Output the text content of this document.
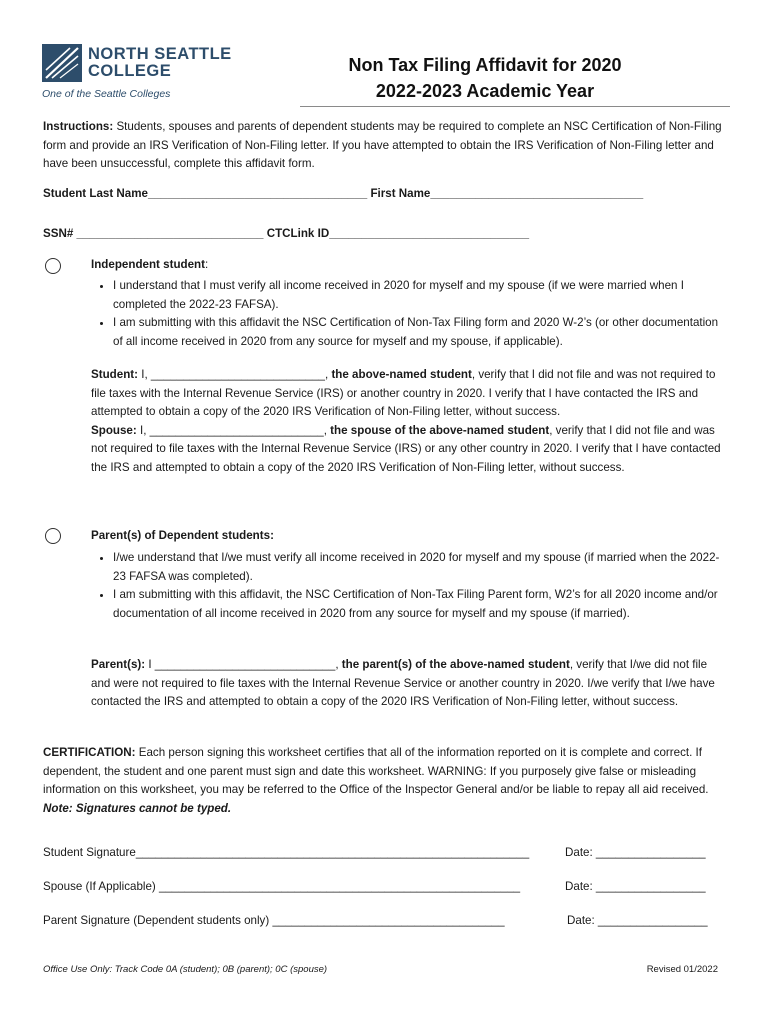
NORTH SEATTLE
COLLEGE
One of the Seattle Colleges
Non Tax Filing Affidavit for 2020
2022-2023 Academic Year
Instructions: Students, spouses and parents of dependent students may be required to complete an NSC Certification of Non-Filing form and provide an IRS Verification of Non-Filing letter. If you have attempted to obtain the IRS Verification of Non-Filing letter and have been unsuccessful, complete this affidavit form.
Student Last Name__________________________________ First Name_________________________________
SSN# _____________________________ CTCLink ID_______________________________
Independent student:
• I understand that I must verify all income received in 2020 for myself and my spouse (if we were married when I completed the 2022-23 FAFSA).
• I am submitting with this affidavit the NSC Certification of Non-Tax Filing form and 2020 W-2’s (or other documentation of all income received in 2020 from any source for myself and my spouse, if applicable).
Student: I, ___________________________, the above-named student, verify that I did not file and was not required to file taxes with the Internal Revenue Service (IRS) or another country in 2020. I verify that I have contacted the IRS and attempted to obtain a copy of the 2020 IRS Verification of Non-Filing letter, without success.
Spouse: I, ___________________________, the spouse of the above-named student, verify that I did not file and was not required to file taxes with the Internal Revenue Service (IRS) or any other country in 2020. I verify that I have contacted the IRS and attempted to obtain a copy of the 2020 IRS Verification of Non-Filing letter, without success.
Parent(s) of Dependent students:
• I/we understand that I/we must verify all income received in 2020 for myself and my spouse (if married when the 2022-23 FAFSA was completed).
• I am submitting with this affidavit, the NSC Certification of Non-Tax Filing Parent form, W2’s for all 2020 income and/or documentation of all income received in 2020 from any source for myself and my spouse (if married).
Parent(s): I ____________________________, the parent(s) of the above-named student, verify that I/we did not file and were not required to file taxes with the Internal Revenue Service or another country in 2020. I/we verify that I/we have contacted the IRS and attempted to obtain a copy of the 2020 IRS Verification of Non-Filing letter, without success.
CERTIFICATION: Each person signing this worksheet certifies that all of the information reported on it is complete and correct. If dependent, the student and one parent must sign and date this worksheet. WARNING: If you purposely give false or misleading information on this worksheet, you may be referred to the Office of the Inspector General and/or be liable to repay all aid received. Note: Signatures cannot be typed.
Student Signature_____________________________________________________________	Date: _________________
Spouse (If Applicable) ________________________________________________________	Date: _________________
Parent Signature (Dependent students only) ____________________________________	Date: _________________
Office Use Only: Track Code 0A (student); 0B (parent); 0C (spouse)	Revised 01/2022
